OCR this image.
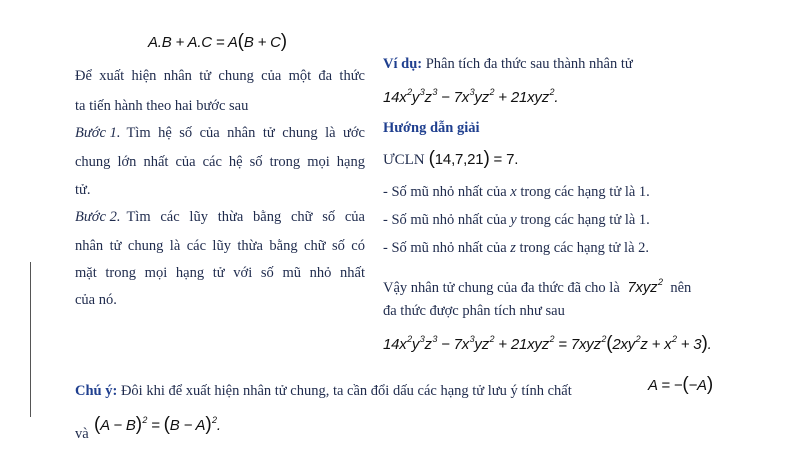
A.B + A.C = A(B + C)
Để xuất hiện nhân tử chung của một đa thức
ta tiến hành theo hai bước sau
Bước 1. Tìm hệ số của nhân tử chung là ước
chung lớn nhất của các hệ số trong mọi hạng
tử.
Bước 2. Tìm các lũy thừa bằng chữ số của
nhân tử chung là các lũy thừa bằng chữ số có
mặt trong mọi hạng tử với số mũ nhỏ nhất
của nó.
Ví dụ: Phân tích đa thức sau thành nhân tử
$14x^2y^3z^3 - 7x^3yz^2 + 21xyz^2$.
Hướng dẫn giải
ƯCLN (14,7,21) = 7.
- Số mũ nhỏ nhất của x trong các hạng tử là 1.
- Số mũ nhỏ nhất của y trong các hạng tử là 1.
- Số mũ nhỏ nhất của z trong các hạng tử là 2.
Vậy nhân tử chung của đa thức đã cho là 7xyz$^2$ nên
đa thức được phân tích như sau
$14x^2y^3z^3 - 7x^3yz^2 + 21xyz^2 = 7xyz^2(2xy^2z + x^2 + 3)$.
Chú ý: Đôi khi để xuất hiện nhân tử chung, ta cần đổi dấu các hạng tử lưu ý tính chất	A = −(−A)
và $(A - B)^2 = (B - A)^2$.
